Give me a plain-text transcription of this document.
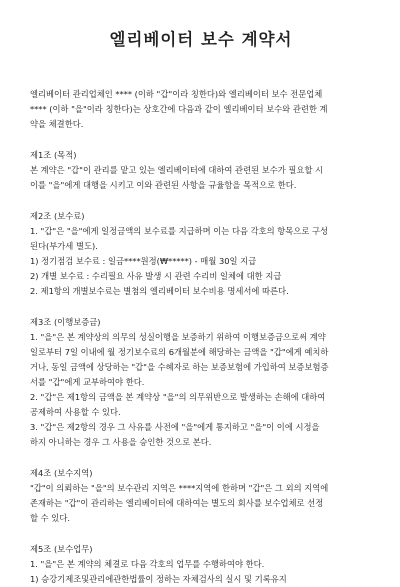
엘리베이터 보수 계약서

엘리베이터 관리업체인 **** (이하 "갑"이라 칭한다)와 엘리베이터 보수 전문업체

**** (이하 "을"이라 칭한다)는 상호간에 다음과 같이 엘리베이터 보수와 관련한 계

약을 체결한다.

제1조 (목적)

본 계약은 "갑"이 관리를 맡고 있는 엘리베이터에 대하여 관련된 보수가 필요할 시

이를 "을"에게 대행을 시키고 이와 관련된 사항을 규율함을 목적으로 한다.

제2조 (보수료)

1. "갑"은 "을"에게 일정금액의 보수료를 지급하며 이는 다음 각호의 항목으로 구성

된다(부가세 별도).

1) 정기점검 보수료 : 일금****원정(₩*****) - 매월 30일 지급

2) 개별 보수료 : 수리필요 사유 발생 시 관련 수리비 일체에 대한 지급

2. 제1항의 개별보수료는 별첨의 엘리베이터 보수비용 명세서에 따른다.

제3조 (이행보증금)

1. "을"은 본 계약상의 의무의 성실이행을 보증하기 위하여 이행보증금으로써 계약

일로부터 7일 이내에 월 정기보수료의 6개월분에 해당하는 금액을 "갑"에게 예치하

거나, 동일 금액에 상당하는 "갑"을 수혜자로 하는 보증보험에 가입하여 보증보험증

서를 "갑"에게 교부하여야 한다.

2. "갑"은 제1항의 금액을 본 계약상 "을"의 의무위반으로 발생하는 손해에 대하여

공제하여 사용할 수 있다.

3. "갑"은 제2항의 경우 그 사유를 사전에 "을"에게 통지하고 "을"이 이에 시정을

하지 아니하는 경우 그 사용을 승인한 것으로 본다.

제4조 (보수지역)

"갑"이 의뢰하는 "을"의 보수관리 지역은 ****지역에 한하며 "갑"은 그 외의 지역에

존재하는 "갑"이 관리하는 엘리베이터에 대하여는 별도의 회사를 보수업체로 선정

할 수 있다.

제5조 (보수업무)

1. "을"은 본 계약의 체결로 다음 각호의 업무를 수행하여야 한다.

1) 승강기제조및관리에관한법률이 정하는 자체검사의 실시 및 기록유지
